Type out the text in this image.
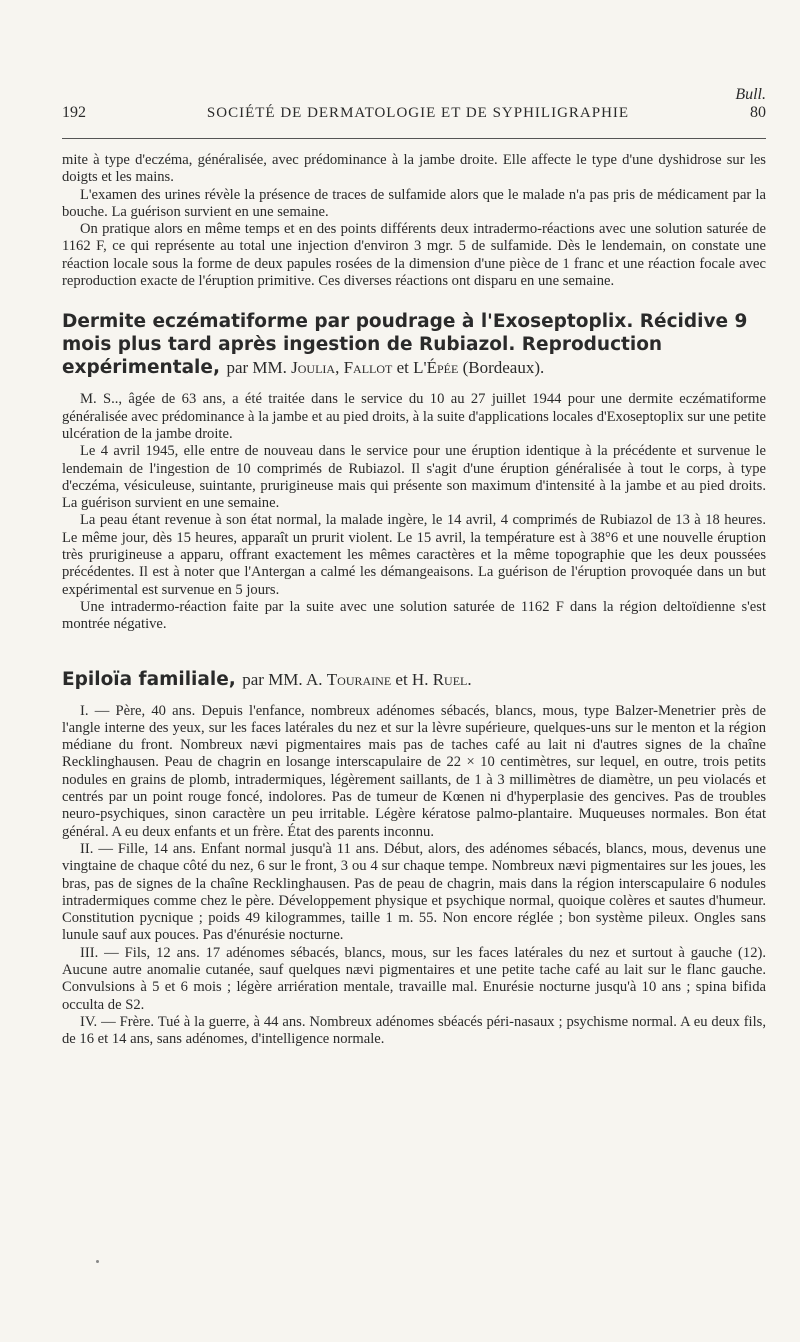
Bull.
192	SOCIÉTÉ DE DERMATOLOGIE ET DE SYPHILIGRAPHIE	80

mite à type d'eczéma, généralisée, avec prédominance à la jambe droite. Elle affecte le type d'une dyshidrose sur les doigts et les mains.

L'examen des urines révèle la présence de traces de sulfamide alors que le malade n'a pas pris de médicament par la bouche. La guérison survient en une semaine.

On pratique alors en même temps et en des points différents deux intradermo-réactions avec une solution saturée de 1162 F, ce qui représente au total une injection d'environ 3 mgr. 5 de sulfamide. Dès le lendemain, on constate une réaction locale sous la forme de deux papules rosées de la dimension d'une pièce de 1 franc et une réaction focale avec reproduction exacte de l'éruption primitive. Ces diverses réactions ont disparu en une semaine.

Dermite eczématiforme par poudrage à l'Exoseptoplix. Récidive 9 mois plus tard après ingestion de Rubiazol. Reproduction expérimentale, par MM. Joulia, Fallot et L'Épée (Bordeaux).

M. S.., âgée de 63 ans, a été traitée dans le service du 10 au 27 juillet 1944 pour une dermite eczématiforme généralisée avec prédominance à la jambe et au pied droits, à la suite d'applications locales d'Exoseptoplix sur une petite ulcération de la jambe droite.

Le 4 avril 1945, elle entre de nouveau dans le service pour une éruption identique à la précédente et survenue le lendemain de l'ingestion de 10 comprimés de Rubiazol. Il s'agit d'une éruption généralisée à tout le corps, à type d'eczéma, vésiculeuse, suintante, prurigineuse mais qui présente son maximum d'intensité à la jambe et au pied droits. La guérison survient en une semaine.

La peau étant revenue à son état normal, la malade ingère, le 14 avril, 4 comprimés de Rubiazol de 13 à 18 heures. Le même jour, dès 15 heures, apparaît un prurit violent. Le 15 avril, la température est à 38°6 et une nouvelle éruption très prurigineuse a apparu, offrant exactement les mêmes caractères et la même topographie que les deux poussées précédentes. Il est à noter que l'Antergan a calmé les démangeaisons. La guérison de l'éruption provoquée dans un but expérimental est survenue en 5 jours.

Une intradermo-réaction faite par la suite avec une solution saturée de 1162 F dans la région deltoïdienne s'est montrée négative.

Epiloïa familiale, par MM. A. Touraine et H. Ruel.

I. — Père, 40 ans. Depuis l'enfance, nombreux adénomes sébacés, blancs, mous, type Balzer-Menetrier près de l'angle interne des yeux, sur les faces latérales du nez et sur la lèvre supérieure, quelques-uns sur le menton et la région médiane du front. Nombreux nævi pigmentaires mais pas de taches café au lait ni d'autres signes de la chaîne Recklinghausen. Peau de chagrin en losange interscapulaire de 22 × 10 centimètres, sur lequel, en outre, trois petits nodules en grains de plomb, intradermiques, légèrement saillants, de 1 à 3 millimètres de diamètre, un peu violacés et centrés par un point rouge foncé, indolores. Pas de tumeur de Kœnen ni d'hyperplasie des gencives. Pas de troubles neuro-psychiques, sinon caractère un peu irritable. Légère kératose palmo-plantaire. Muqueuses normales. Bon état général. A eu deux enfants et un frère. État des parents inconnu.

II. — Fille, 14 ans. Enfant normal jusqu'à 11 ans. Début, alors, des adénomes sébacés, blancs, mous, devenus une vingtaine de chaque côté du nez, 6 sur le front, 3 ou 4 sur chaque tempe. Nombreux nævi pigmentaires sur les joues, les bras, pas de signes de la chaîne Recklinghausen. Pas de peau de chagrin, mais dans la région interscapulaire 6 nodules intradermiques comme chez le père. Développement physique et psychique normal, quoique colères et sautes d'humeur. Constitution pycnique ; poids 49 kilogrammes, taille 1 m. 55. Non encore réglée ; bon système pileux. Ongles sans lunule sauf aux pouces. Pas d'énurésie nocturne.

III. — Fils, 12 ans. 17 adénomes sébacés, blancs, mous, sur les faces latérales du nez et surtout à gauche (12). Aucune autre anomalie cutanée, sauf quelques nævi pigmentaires et une petite tache café au lait sur le flanc gauche. Convulsions à 5 et 6 mois ; légère arriération mentale, travaille mal. Enurésie nocturne jusqu'à 10 ans ; spina bifida occulta de S2.

IV. — Frère. Tué à la guerre, à 44 ans. Nombreux adénomes sbéacés péri-nasaux ; psychisme normal. A eu deux fils, de 16 et 14 ans, sans adénomes, d'intelligence normale.
